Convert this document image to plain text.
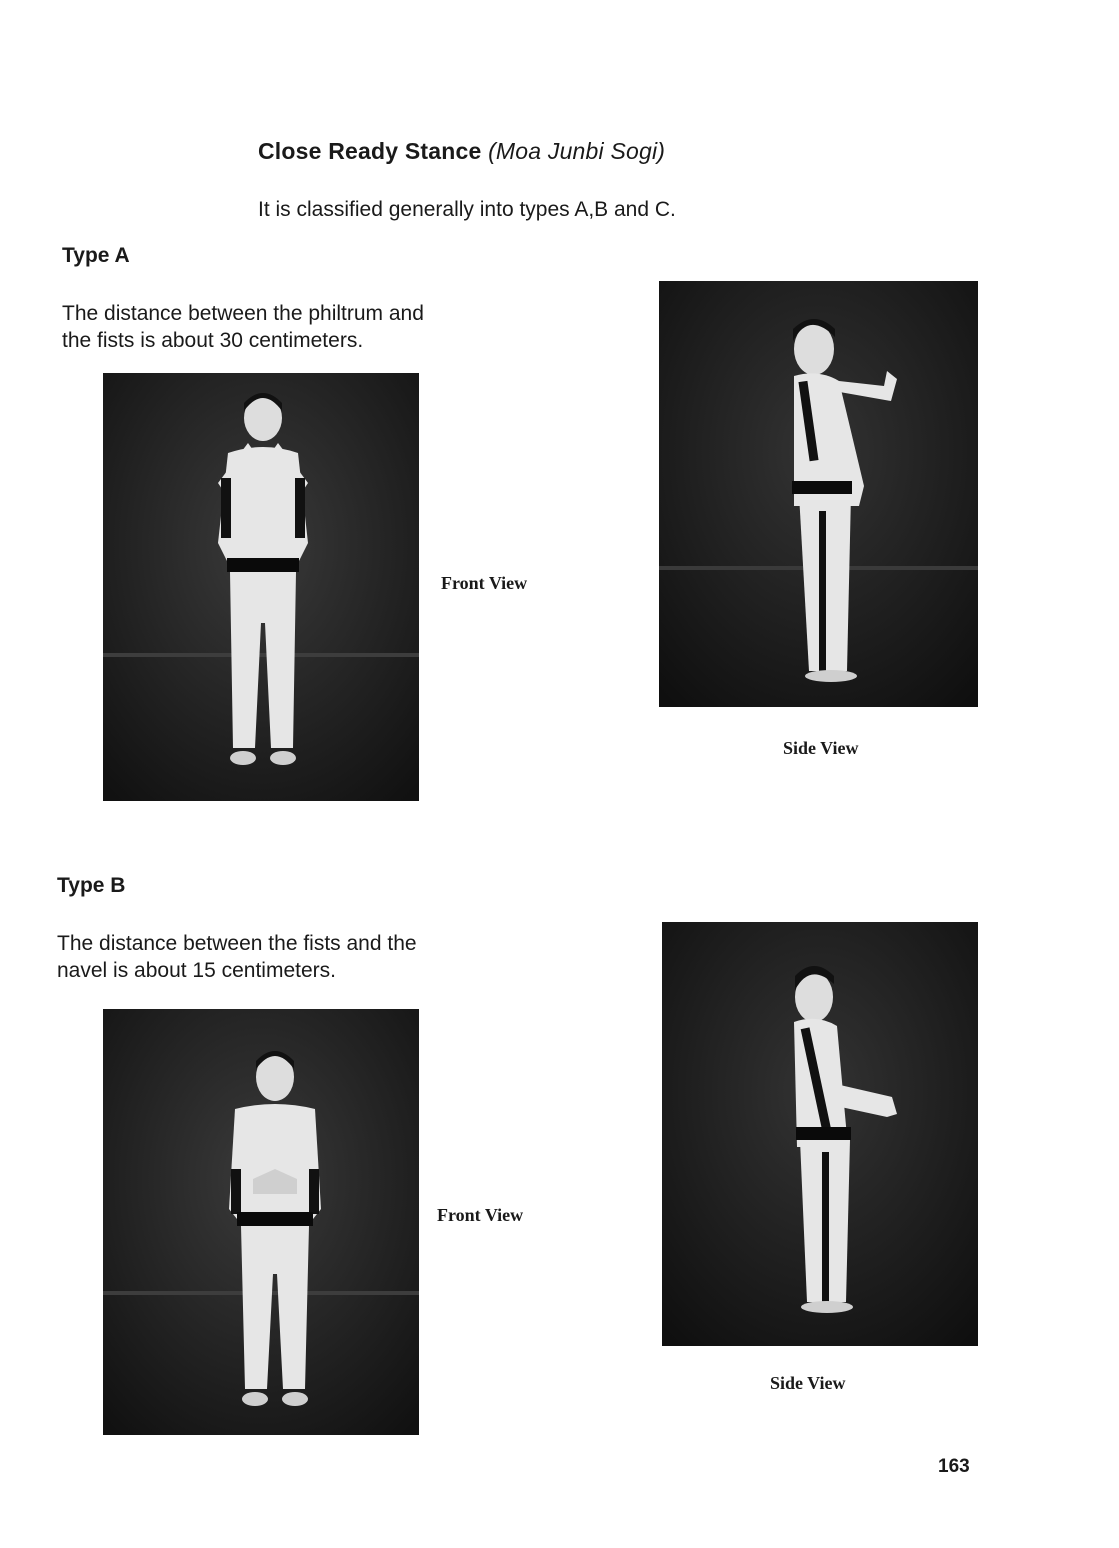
Close Ready Stance (Moa Junbi Sogi)
It is classified generally into types A,B and C.
Type A
The distance between the philtrum and
the fists is about 30 centimeters.
Front View
Side View
Type B
The distance between the fists and the
navel is about 15 centimeters.
Front View
Side View
163
